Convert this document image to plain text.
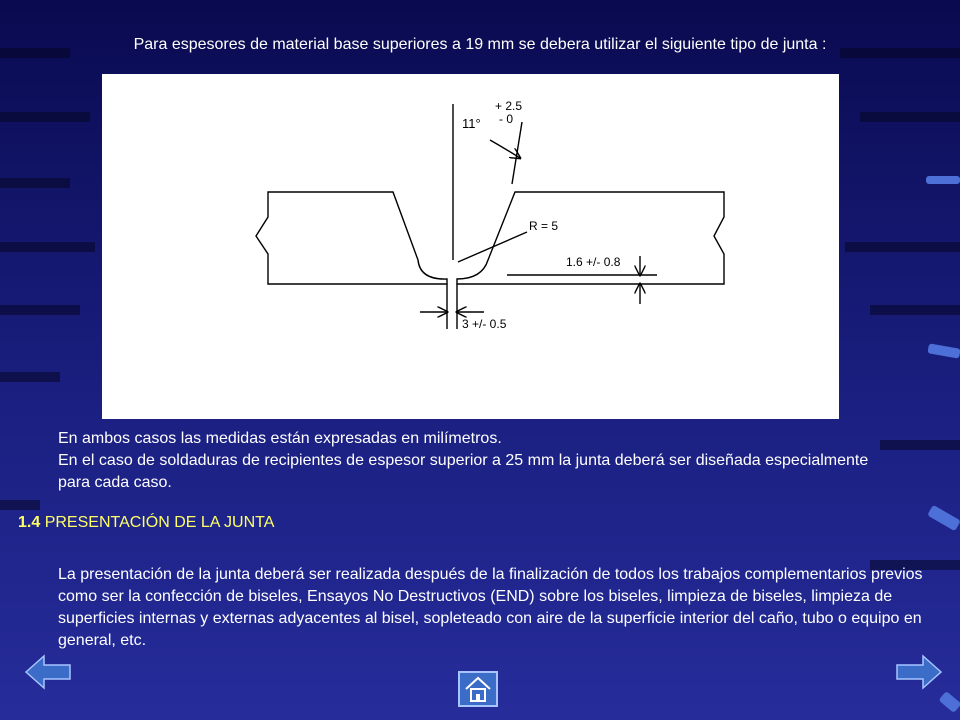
Para espesores de material base superiores a 19 mm se debera utilizar el siguiente tipo de junta :
11°
+ 2.5
- 0
R = 5
1.6 +/- 0.8
3 +/- 0.5
En ambos casos las medidas están expresadas en milímetros.
En el caso de soldaduras de recipientes de espesor superior a 25 mm la junta deberá ser diseñada especialmente para cada caso.
1.4 PRESENTACIÓN DE LA JUNTA
La presentación de la junta deberá ser realizada después de la finalización de todos los trabajos complementarios previos como ser la confección de biseles, Ensayos No Destructivos (END) sobre los biseles, limpieza de biseles, limpieza de superficies internas y externas adyacentes al bisel, sopleteado con aire de la superficie interior del caño, tubo o equipo en general, etc.
